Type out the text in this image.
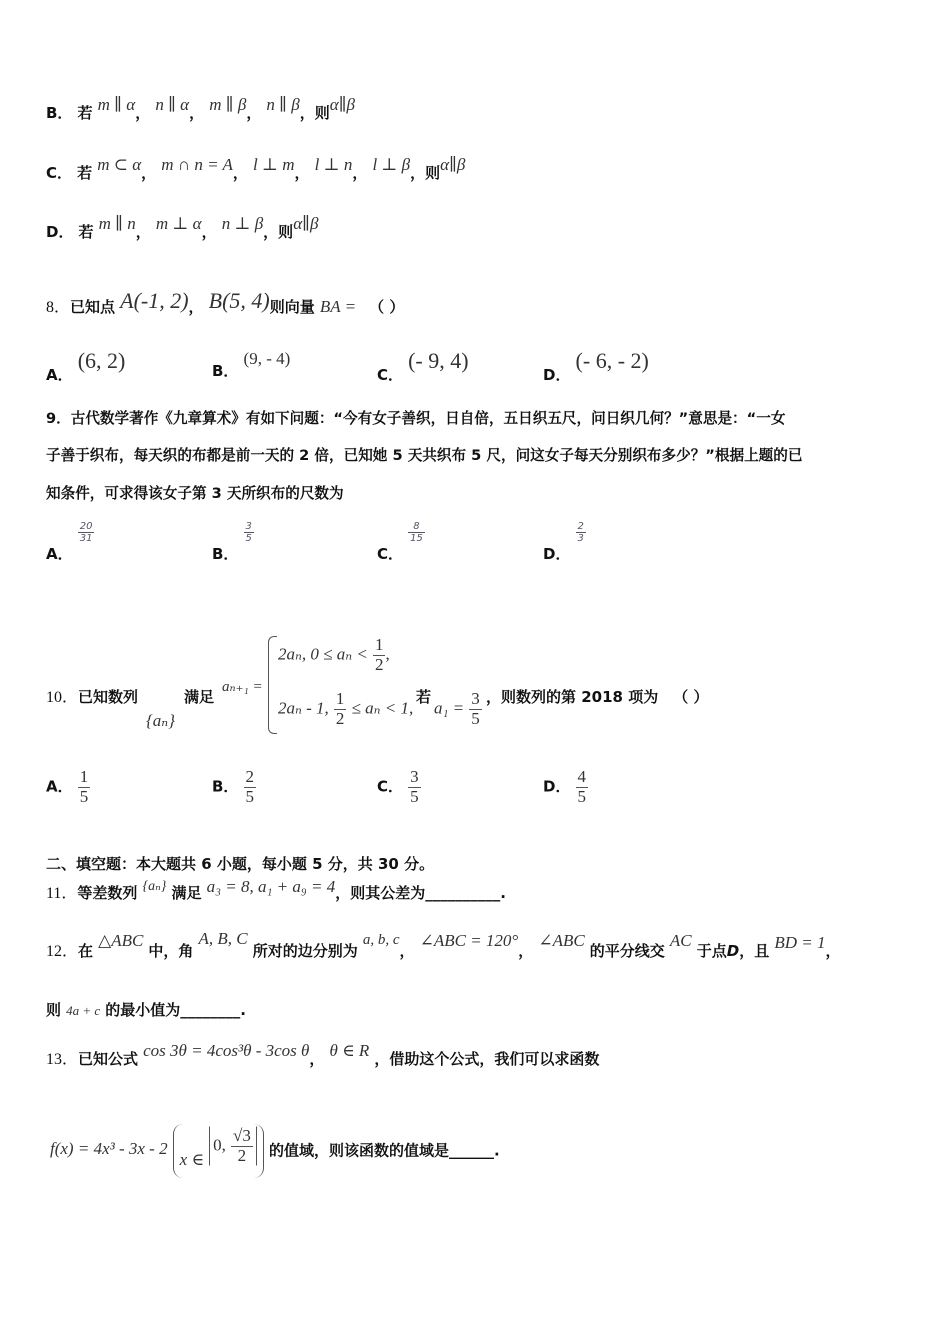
B． 若 m ∥ α， n ∥ α， m ∥ β， n ∥ β，则α∥β
C． 若 m ⊂ α， m ∩ n = A， l ⊥ m， l ⊥ n， l ⊥ β，则α∥β
D． 若 m ∥ n， m ⊥ α， n ⊥ β，则α∥β
8．已知点 A(-1, 2)， B(5, 4)则向量 BA = （ ）
A． (6, 2)	B． (9, - 4)
C． (- 9, 4)
D． (- 6, - 2)
9．古代数学著作《九章算术》有如下问题：“今有女子善织，日自倍，五日织五尺，问日织几何？”意思是：“一女
子善于织布，每天织的布都是前一天的 2 倍，已知她 5 天共织布 5 尺，问这女子每天分别织布多少？”根据上题的已
知条件，可求得该女子第 3 天所织布的尺数为
A．
$\frac{20}{31}$
B．
$\frac{3}{5}$
C．
$\frac{8}{15}$
D．
$\frac{2}{3}$
10．已知数列
{aₙ}
满足
aₙ₊₁ =
2aₙ, $0 \le a_n < \frac{1}{2}$ ,
2aₙ - 1, $\frac{1}{2} \le a_n < 1$,
若
$a_1 = \frac{3}{5}$ ，则数列的第 2018 项为 （ ）
A． $\frac{1}{5}$	B． $\frac{2}{5}$	C． $\frac{3}{5}$	D． $\frac{4}{5}$
二、填空题：本大题共 6 小题，每小题 5 分，共 30 分。
11．等差数列 {aₙ} 满足 a₃ = 8, a₁ + a₉ = 4，则其公差为__________.
12．在 △ABC 中，角 A, B, C 所对的边分别为 a, b, c， ∠ABC = 120°， ∠ABC 的平分线交 AC 于点D，且 BD = 1，
则 4a + c 的最小值为________.
13．已知公式 cos 3θ = 4cos³θ - 3cos θ， θ ∈ R ，借助这个公式，我们可以求函数
f(x) = 4x³ - 3x - 2 x ∈ 0, $\frac{√3}{2}$ 的值域，则该函数的值域是______.
